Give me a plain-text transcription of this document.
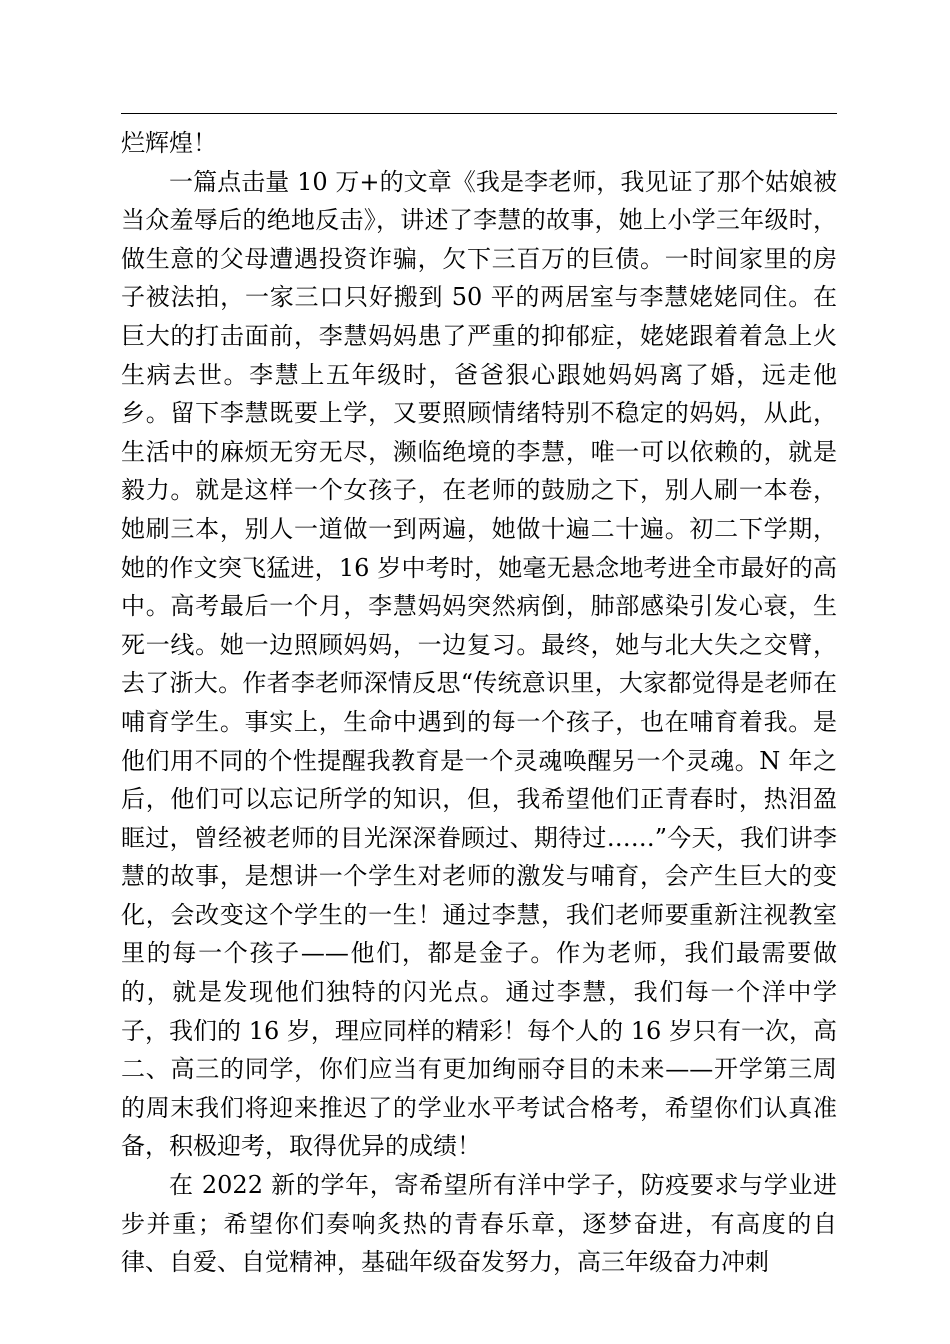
烂辉煌！

一篇点击量 10 万+的文章《我是李老师，我见证了那个姑娘被当众羞辱后的绝地反击》，讲述了李慧的故事，她上小学三年级时，做生意的父母遭遇投资诈骗，欠下三百万的巨债。一时间家里的房子被法拍，一家三口只好搬到 50 平的两居室与李慧姥姥同住。在巨大的打击面前，李慧妈妈患了严重的抑郁症，姥姥跟着着急上火生病去世。李慧上五年级时，爸爸狠心跟她妈妈离了婚，远走他乡。留下李慧既要上学，又要照顾情绪特别不稳定的妈妈，从此，生活中的麻烦无穷无尽，濒临绝境的李慧，唯一可以依赖的，就是毅力。就是这样一个女孩子，在老师的鼓励之下，别人刷一本卷，她刷三本，别人一道做一到两遍，她做十遍二十遍。初二下学期，她的作文突飞猛进，16 岁中考时，她毫无悬念地考进全市最好的高中。高考最后一个月，李慧妈妈突然病倒，肺部感染引发心衰，生死一线。她一边照顾妈妈，一边复习。最终，她与北大失之交臂，去了浙大。作者李老师深情反思“传统意识里，大家都觉得是老师在哺育学生。事实上，生命中遇到的每一个孩子，也在哺育着我。是他们用不同的个性提醒我教育是一个灵魂唤醒另一个灵魂。N 年之后，他们可以忘记所学的知识，但，我希望他们正青春时，热泪盈眶过，曾经被老师的目光深深眷顾过、期待过……”今天，我们讲李慧的故事，是想讲一个学生对老师的激发与哺育，会产生巨大的变化，会改变这个学生的一生！通过李慧，我们老师要重新注视教室里的每一个孩子——他们，都是金子。作为老师，我们最需要做的，就是发现他们独特的闪光点。通过李慧，我们每一个洋中学子，我们的 16 岁，理应同样的精彩！每个人的 16 岁只有一次，高二、高三的同学，你们应当有更加绚丽夺目的未来——开学第三周的周末我们将迎来推迟了的学业水平考试合格考，希望你们认真准备，积极迎考，取得优异的成绩！

在 2022 新的学年，寄希望所有洋中学子，防疫要求与学业进步并重；希望你们奏响炙热的青春乐章，逐梦奋进，有高度的自律、自爱、自觉精神，基础年级奋发努力，高三年级奋力冲刺
